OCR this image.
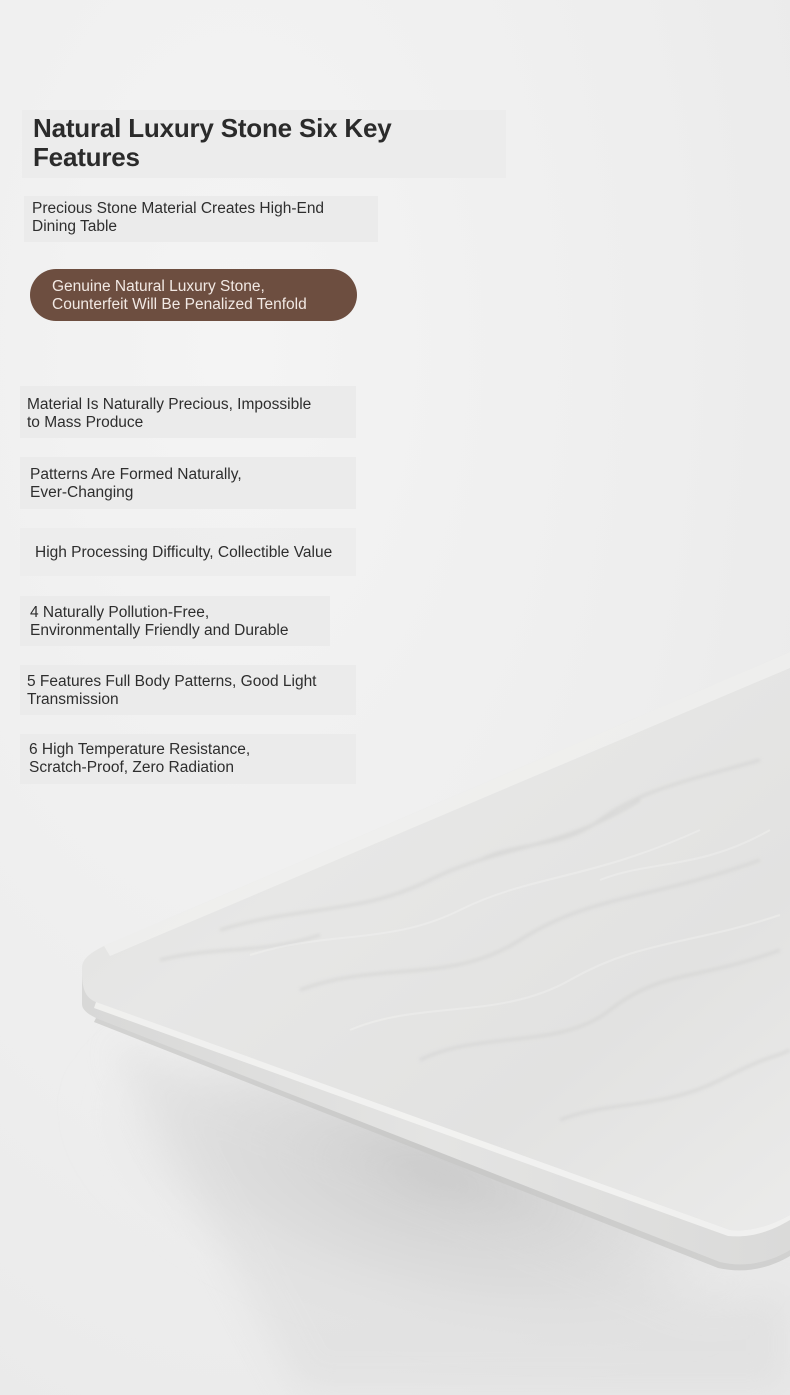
Natural Luxury Stone Six Key
Features
Precious Stone Material Creates High-End
Dining Table
Genuine Natural Luxury Stone,
Counterfeit Will Be Penalized Tenfold
Material Is Naturally Precious, Impossible
to Mass Produce
Patterns Are Formed Naturally,
Ever-Changing
High Processing Difficulty, Collectible Value
4 Naturally Pollution-Free,
Environmentally Friendly and Durable
5 Features Full Body Patterns, Good Light
Transmission
6 High Temperature Resistance,
Scratch-Proof, Zero Radiation
